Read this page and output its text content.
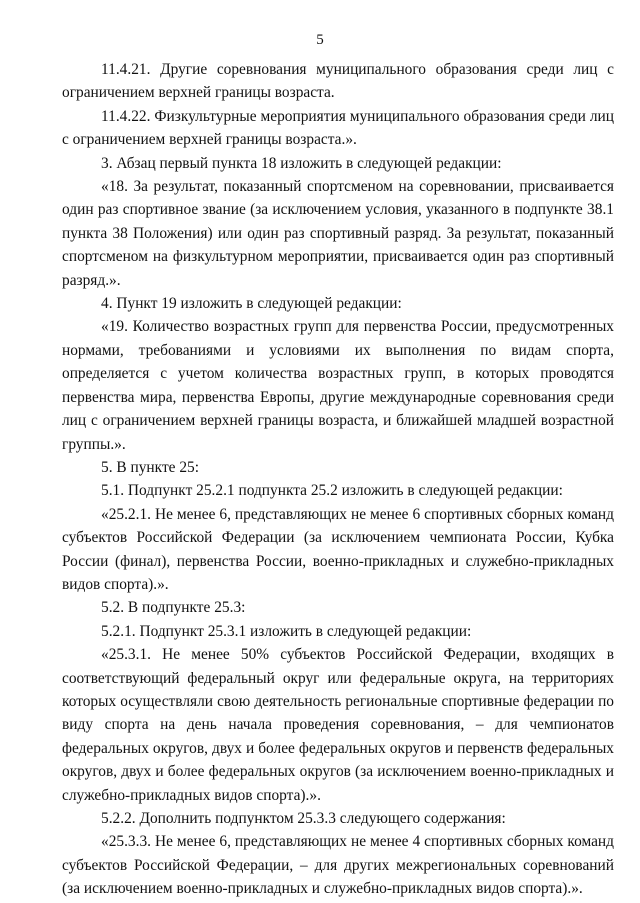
5

11.4.21. Другие соревнования муниципального образования среди лиц с ограничением верхней границы возраста.

11.4.22. Физкультурные мероприятия муниципального образования среди лиц с ограничением верхней границы возраста.».

3. Абзац первый пункта 18 изложить в следующей редакции:

«18. За результат, показанный спортсменом на соревновании, присваивается один раз спортивное звание (за исключением условия, указанного в подпункте 38.1 пункта 38 Положения) или один раз спортивный разряд. За результат, показанный спортсменом на физкультурном мероприятии, присваивается один раз спортивный разряд.».

4. Пункт 19 изложить в следующей редакции:

«19. Количество возрастных групп для первенства России, предусмотренных нормами, требованиями и условиями их выполнения по видам спорта, определяется с учетом количества возрастных групп, в которых проводятся первенства мира, первенства Европы, другие международные соревнования среди лиц с ограничением верхней границы возраста, и ближайшей младшей возрастной группы.».

5. В пункте 25:

5.1. Подпункт 25.2.1 подпункта 25.2 изложить в следующей редакции:

«25.2.1. Не менее 6, представляющих не менее 6 спортивных сборных команд субъектов Российской Федерации (за исключением чемпионата России, Кубка России (финал), первенства России, военно-прикладных и служебно-прикладных видов спорта).».

5.2. В подпункте 25.3:

5.2.1. Подпункт 25.3.1 изложить в следующей редакции:

«25.3.1. Не менее 50% субъектов Российской Федерации, входящих в соответствующий федеральный округ или федеральные округа, на территориях которых осуществляли свою деятельность региональные спортивные федерации по виду спорта на день начала проведения соревнования, – для чемпионатов федеральных округов, двух и более федеральных округов и первенств федеральных округов, двух и более федеральных округов (за исключением военно-прикладных и служебно-прикладных видов спорта).».

5.2.2. Дополнить подпунктом 25.3.3 следующего содержания:

«25.3.3. Не менее 6, представляющих не менее 4 спортивных сборных команд субъектов Российской Федерации, – для других межрегиональных соревнований (за исключением военно-прикладных и служебно-прикладных видов спорта).».
